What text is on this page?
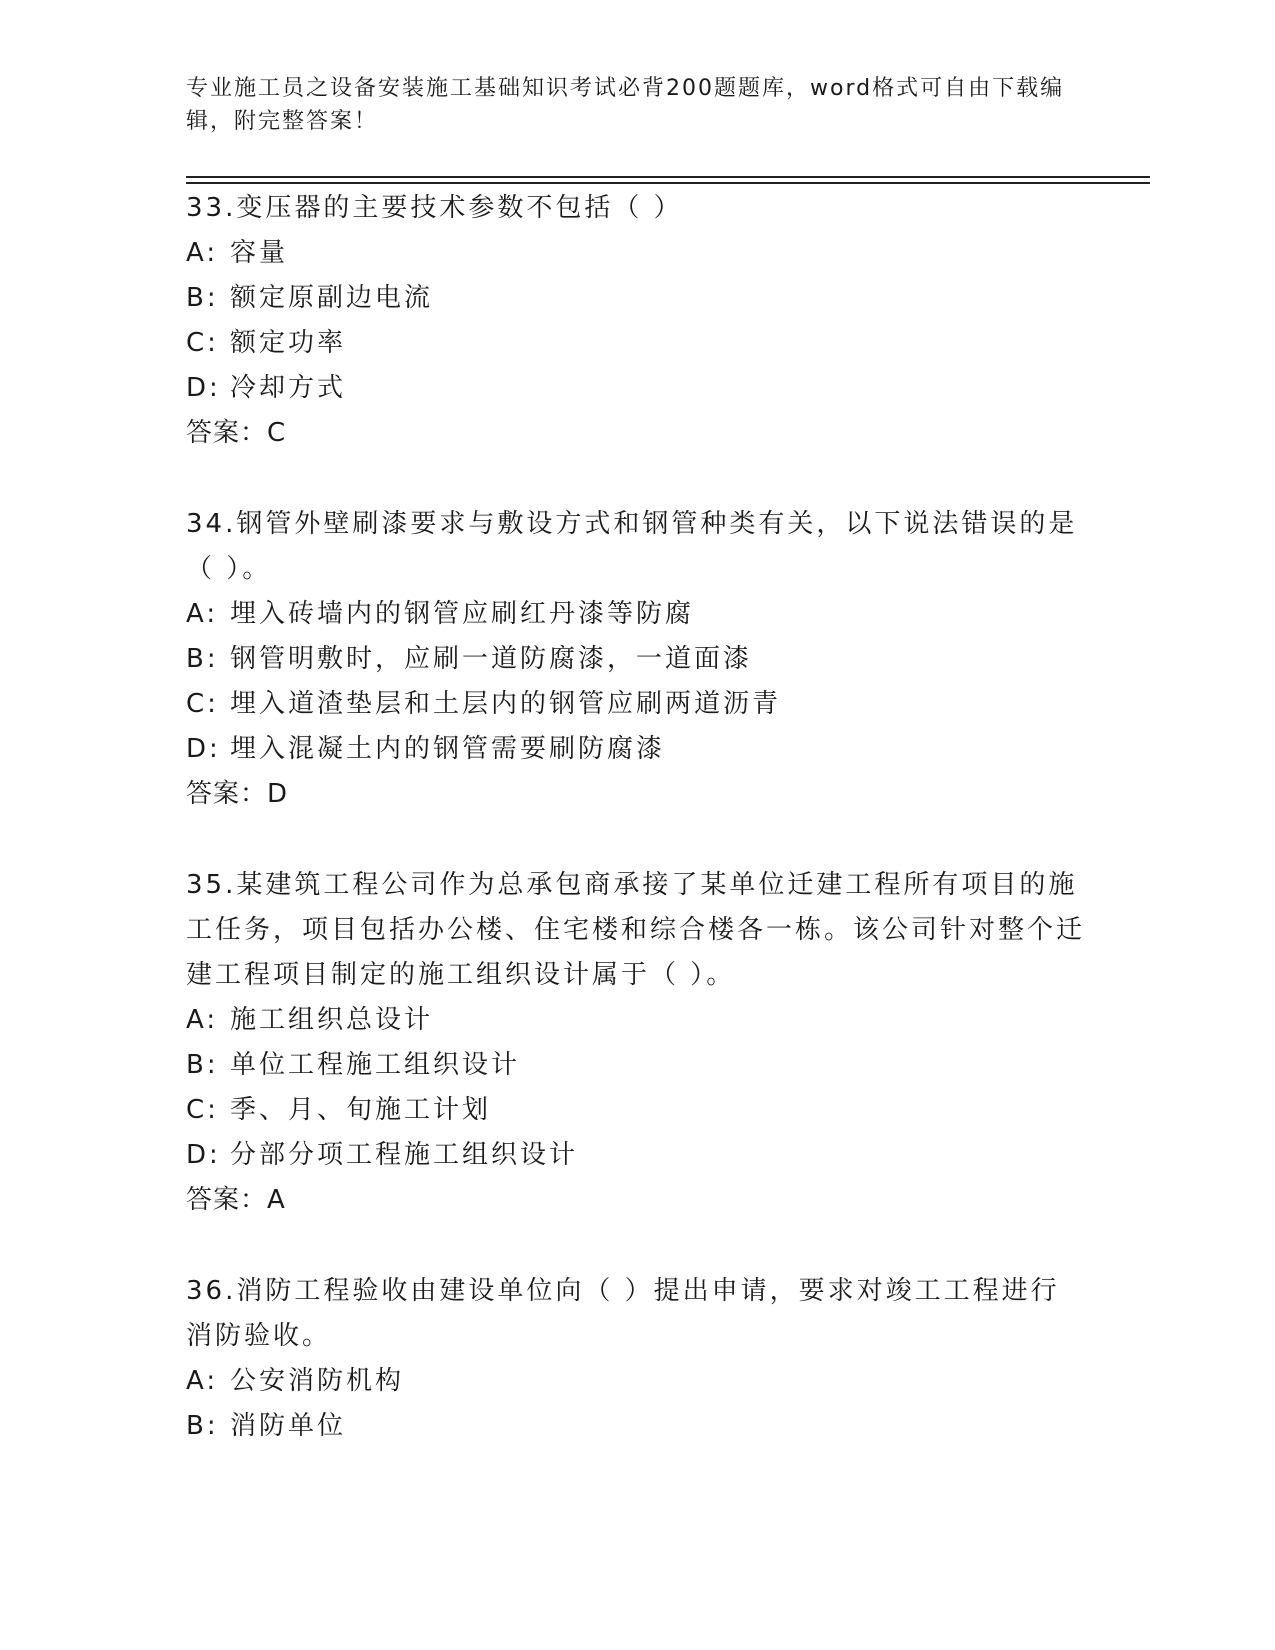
专业施工员之设备安装施工基础知识考试必背200题题库，word格式可自由下载编辑，附完整答案！

33.变压器的主要技术参数不包括（ ）

A: 容量

B: 额定原副边电流

C: 额定功率

D: 冷却方式

答案：C

34.钢管外壁刷漆要求与敷设方式和钢管种类有关，以下说法错误的是（ ）。

A: 埋入砖墙内的钢管应刷红丹漆等防腐

B: 钢管明敷时，应刷一道防腐漆，一道面漆

C: 埋入道渣垫层和土层内的钢管应刷两道沥青

D: 埋入混凝土内的钢管需要刷防腐漆

答案：D

35.某建筑工程公司作为总承包商承接了某单位迁建工程所有项目的施工任务，项目包括办公楼、住宅楼和综合楼各一栋。该公司针对整个迁建工程项目制定的施工组织设计属于（ ）。

A: 施工组织总设计

B: 单位工程施工组织设计

C: 季、月、旬施工计划

D: 分部分项工程施工组织设计

答案：A

36.消防工程验收由建设单位向（ ）提出申请，要求对竣工工程进行消防验收。

A: 公安消防机构

B: 消防单位
